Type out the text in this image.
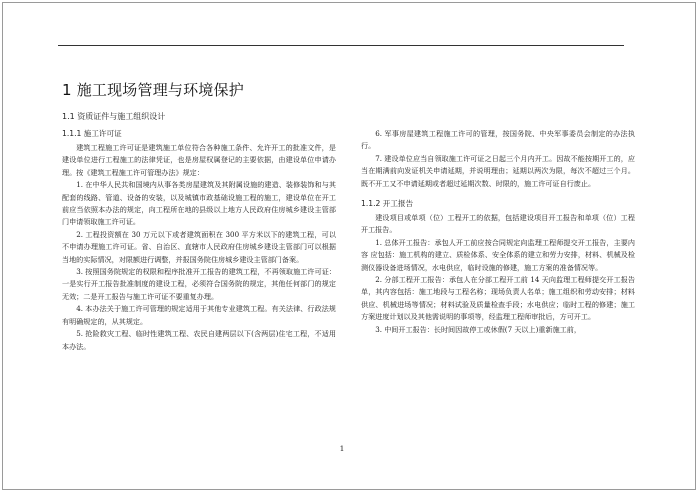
1 施工现场管理与环境保护
1.1 资质证件与施工组织设计
1.1.1 施工许可证

建筑工程施工许可证是建筑施工单位符合各种施工条件、允许开工的批准文件，是建设单位进行工程施工的法律凭证，也是房屋权属登记的主要依据，由建设单位申请办理。按《建筑工程施工许可管理办法》规定：

1. 在中华人民共和国境内从事各类房屋建筑及其附属设施的建造、装修装饰和与其配套的线路、管道、设备的安装，以及城镇市政基础设施工程的施工，建设单位在开工前应当依照本办法的规定，向工程所在地的县级以上地方人民政府住房城乡建设主管部门申请领取施工许可证。

2. 工程投资额在 30 万元以下或者建筑面积在 300 平方米以下的建筑工程，可以不申请办理施工许可证。省、自治区、直辖市人民政府住房城乡建设主管部门可以根据当地的实际情况，对限额进行调整，并报国务院住房城乡建设主管部门备案。

3. 按照国务院规定的权限和程序批准开工报告的建筑工程，不再领取施工许可证：一是实行开工报告批准制度的建设工程，必须符合国务院的规定，其他任何部门的规定无效；二是开工报告与施工许可证不要重复办理。

4. 本办法关于施工许可管理的规定适用于其他专业建筑工程。有关法律、行政法规有明确规定的，从其规定。

5. 抢险救灾工程、临时性建筑工程、农民自建两层以下(含两层)住宅工程，不适用本办法。

6. 军事房屋建筑工程施工许可的管理，按国务院、中央军事委员会制定的办法执行。

7. 建设单位应当自领取施工许可证之日起三个月内开工。因故不能按期开工的，应当在期满前向发证机关申请延期，并说明理由；延期以两次为限，每次不超过三个月。既不开工又不申请延期或者超过延期次数、时限的，施工许可证自行废止。

1.1.2 开工报告

建设项目或单项（位）工程开工的依据，包括建设项目开工报告和单项（位）工程开工报告。

1. 总体开工报告：承包人开工前应按合同规定向监理工程师提交开工报告，主要内容 应包括：施工机构的建立、质检体系、安全体系的建立和劳力安排，材料、机械及检测仪器设备进场情况，水电供应，临时设施的修建，施工方案的准备情况等。

2. 分部工程开工报告：承包人在分部工程开工前 14 天向监理工程师提交开工报告单，其内容包括：施工地段与工程名称；现场负责人名单；施工组织和劳动安排；材料供应、机械进场等情况；材料试验及质量检查手段；水电供应；临时工程的修建；施工方案进度计划以及其他需说明的事项等，经监理工程师审批后，方可开工。

3. 中间开工报告：长时间因故停工或休假(7 天以上)重新施工前，

1
